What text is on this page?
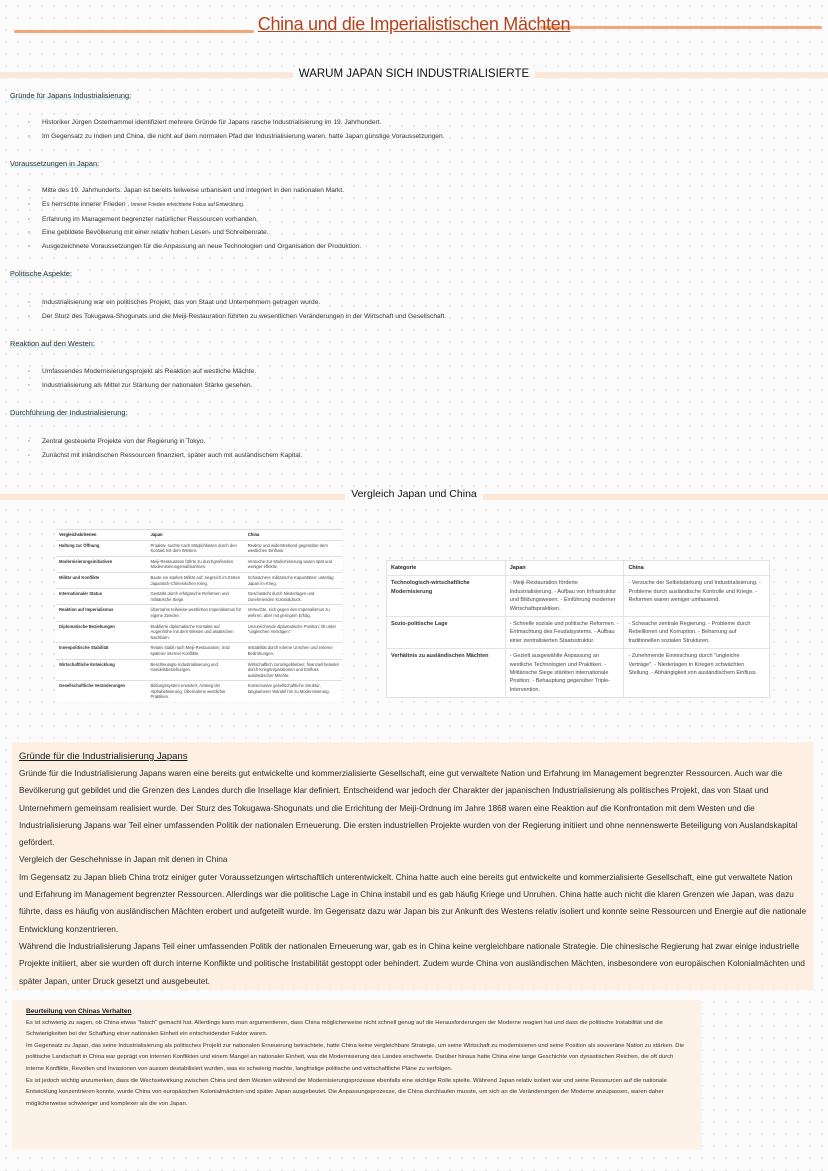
China und die Imperialistischen Mächten
WARUM JAPAN SICH INDUSTRIALISIERTE
Gründe für Japans Industrialisierung:
· Historiker Jürgen Osterhammel identifiziert mehrere Gründe für Japans rasche Industrialisierung im 19. Jahrhundert.
· Im Gegensatz zu Indien und China, die nicht auf dem normalen Pfad der Industrialisierung waren, hatte Japan günstige Voraussetzungen.
Voraussetzungen in Japan:
· Mitte des 19. Jahrhunderts: Japan ist bereits teilweise urbanisiert und integriert in den nationalen Markt.
· Es herrschte innerer Frieden . Innerer Frieden erleichterte Fokus auf Entwicklung.
· Erfahrung im Management begrenzter natürlicher Ressourcen vorhanden.
· Eine gebildete Bevölkerung mit einer relativ hohen Lesen- und Schreibenrate.
· Ausgezeichnete Voraussetzungen für die Anpassung an neue Technologien und Organisation der Produktion.
Politische Aspekte:
· Industrialisierung war ein politisches Projekt, das von Staat und Unternehmern getragen wurde.
· Der Sturz des Tokugawa-Shogunats und die Meiji-Restauration führten zu wesentlichen Veränderungen in der Wirtschaft und Gesellschaft.
Reaktion auf den Westen:
· Umfassendes Modernisierungsprojekt als Reaktion auf westliche Mächte.
· Industrialisierung als Mittel zur Stärkung der nationalen Stärke gesehen.
Durchführung der Industrialisierung:
· Zentral gesteuerte Projekte von der Regierung in Tokyo.
· Zunächst mit inländischen Ressourcen finanziert, später auch mit ausländischem Kapital.
Vergleich Japan und China
Vergleichskriterien	Japan	China
Haltung zur Öffnung	Proaktiv, suchte nach Möglichkeiten durch den Kontakt mit dem Westen.	Reaktiv und widerstrebend gegenüber dem westlichen Einfluss.
Modernisierungsinitiativen	Meiji-Restauration führte zu durchgreifenden Modernisierungsmaßnahmen.	Versuche zur Modernisierung waren spät und weniger effektiv.
Militär und Konflikte	Baute ein starkes Militär auf; siegreich im Ersten Japanisch-Chinesischen Krieg.	Schwächere militärische Kapazitäten; unterlag Japan im Krieg.
Internationaler Status	Gestärkt durch erfolgreiche Reformen und militärische Siege.	Geschwächt durch Niederlagen und zunehmenden Kolonialdruck.
Reaktion auf Imperialismus	Übernahm teilweise westlichen Imperialismus für eigene Zwecke.	Versuchte, sich gegen den Imperialismus zu wehren, aber mit geringem Erfolg.
Diplomatische Beziehungen	Etablierte diplomatische Kontakte auf Augenhöhe mit dem Westen und asiatischen Nachbarn.	Unzureichende diplomatische Position; litt unter "ungleichen Verträgen".
Innenpolitische Stabilität	Relativ stabil nach Meiji-Restauration, trotz späterer interner Konflikte.	Instabilität durch interne Unruhen und externe Bedrohungen.
Wirtschaftliche Entwicklung	Beschleunigte Industrialisierung und Handelsbeziehungen.	Wirtschaftlich zurückgeblieben; finanziell belastet durch Kriegsreparationen und Einfluss ausländischer Mächte.
Gesellschaftliche Veränderungen	Bildungssystem erweitert, Anstieg der Alphabetisierung, Übernahme westlicher Praktiken.	Konservative gesellschaftliche Struktur, langsamerer Wandel hin zu Modernisierung.
Kategorie	Japan	China
Technologisch-wirtschaftliche Modernisierung	- Meiji-Restauration förderte Industrialisierung. - Aufbau von Infrastruktur und Bildungswesen. - Einführung moderner Wirtschaftspraktiken.	- Versuche der Selbststärkung und Industrialisierung. - Probleme durch ausländische Kontrolle und Kriege. - Reformen waren weniger umfassend.
Sozio-politische Lage	- Schnelle soziale und politische Reformen. - Entmachtung des Feudalsystems. - Aufbau einer zentralisierten Staatsstruktur.	- Schwache zentrale Regierung. - Probleme durch Rebellionen und Korruption. - Beharrung auf traditionellen sozialen Strukturen.
Verhältnis zu ausländischen Mächten	- Gezielt ausgewählte Anpassung an westliche Technologien und Praktiken. - Militärische Siege stärkten internationale Position. - Behauptung gegenüber Triple-Intervention.	- Zunehmende Einmischung durch "ungleiche Verträge". - Niederlagen in Kriegen schwächten Stellung. - Abhängigkeit von ausländischem Einfluss.
Gründe für die Industrialisierung Japans

Gründe für die Industrialisierung Japans waren eine bereits gut entwickelte und kommerzialisierte Gesellschaft, eine gut verwaltete Nation und Erfahrung im Management begrenzter Ressourcen. Auch war die Bevölkerung gut gebildet und die Grenzen des Landes durch die Insellage klar definiert. Entscheidend war jedoch der Charakter der japanischen Industrialisierung als politisches Projekt, das von Staat und Unternehmern gemeinsam realisiert wurde. Der Sturz des Tokugawa-Shogunats und die Errichtung der Meiji-Ordnung im Jahre 1868 waren eine Reaktion auf die Konfrontation mit dem Westen und die Industrialisierung Japans war Teil einer umfassenden Politik der nationalen Erneuerung. Die ersten industriellen Projekte wurden von der Regierung initiiert und ohne nennenswerte Beteiligung von Auslandskapital gefördert.

Vergleich der Geschehnisse in Japan mit denen in China

Im Gegensatz zu Japan blieb China trotz einiger guter Voraussetzungen wirtschaftlich unterentwickelt. China hatte auch eine bereits gut entwickelte und kommerzialisierte Gesellschaft, eine gut verwaltete Nation und Erfahrung im Management begrenzter Ressourcen. Allerdings war die politische Lage in China instabil und es gab häufig Kriege und Unruhen. China hatte auch nicht die klaren Grenzen wie Japan, was dazu führte, dass es häufig von ausländischen Mächten erobert und aufgeteilt wurde. Im Gegensatz dazu war Japan bis zur Ankunft des Westens relativ isoliert und konnte seine Ressourcen und Energie auf die nationale Entwicklung konzentrieren.

Während die Industrialisierung Japans Teil einer umfassenden Politik der nationalen Erneuerung war, gab es in China keine vergleichbare nationale Strategie. Die chinesische Regierung hat zwar einige industrielle Projekte initiiert, aber sie wurden oft durch interne Konflikte und politische Instabilität gestoppt oder behindert. Zudem wurde China von ausländischen Mächten, insbesondere von europäischen Kolonialmächten und später Japan, unter Druck gesetzt und ausgebeutet.

Beurteilung von Chinas Verhalten

Es ist schwierig zu sagen, ob China etwas "falsch" gemacht hat. Allerdings kann man argumentieren, dass China möglicherweise nicht schnell genug auf die Herausforderungen der Moderne reagiert hat und dass die politische Instabilität und die Schwierigkeiten bei der Schaffung einer nationalen Einheit ein entscheidender Faktor waren.

Im Gegensatz zu Japan, das seine Industrialisierung als politisches Projekt zur nationalen Erneuerung betrachtete, hatte China keine vergleichbare Strategie, um seine Wirtschaft zu modernisieren und seine Position als souveräne Nation zu stärken. Die politische Landschaft in China war geprägt von internen Konflikten und einem Mangel an nationaler Einheit, was die Modernisierung des Landes erschwerte. Darüber hinaus hatte China eine lange Geschichte von dynastischen Reichen, die oft durch interne Konflikte, Revolten und Invasionen von aussen destabilisiert wurden, was es schwierig machte, langfristige politische und wirtschaftliche Pläne zu verfolgen.

Es ist jedoch wichtig anzumerken, dass die Wechselwirkung zwischen China und dem Westen während der Modernisierungsprozesse ebenfalls eine wichtige Rolle spielte. Während Japan relativ isoliert war und seine Ressourcen auf die nationale Entwicklung konzentrieren konnte, wurde China von europäischen Kolonialmächten und später Japan ausgebeutet. Die Anpassungsprozesse, die China durchlaufen musste, um sich an die Veränderungen der Moderne anzupassen, waren daher möglicherweise schwieriger und komplexer als die von Japan.
